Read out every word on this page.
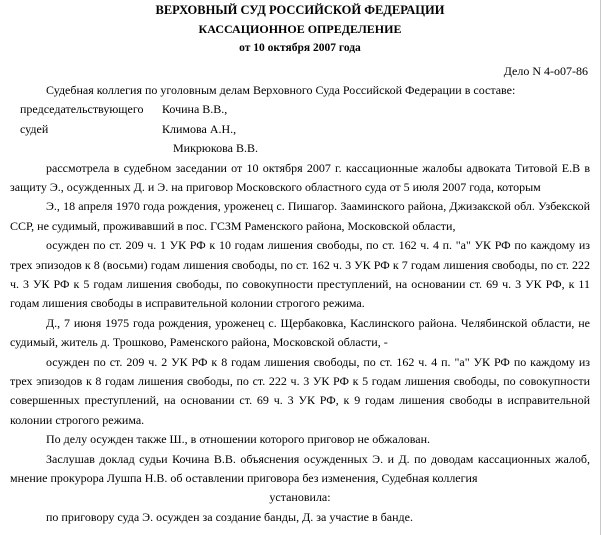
ВЕРХОВНЫЙ СУД РОССИЙСКОЙ ФЕДЕРАЦИИ
КАССАЦИОННОЕ ОПРЕДЕЛЕНИЕ
от 10 октября 2007 года
Дело N 4-о07-86
Судебная коллегия по уголовным делам Верховного Суда Российской Федерации в составе:
председательствующего Кочина В.В.,
судей	Климова А.Н.,
Микрюкова В.В.
рассмотрела в судебном заседании от 10 октября 2007 г. кассационные жалобы адвоката Титовой Е.В в защиту Э., осужденных Д. и Э. на приговор Московского областного суда от 5 июля 2007 года, которым
Э., 18 апреля 1970 года рождения, уроженец с. Пишагор. Зааминского района, Джизакской обл. Узбекской ССР, не судимый, проживавший в пос. ГСЗМ Раменского района, Московской области,
осужден по ст. 209 ч. 1 УК РФ к 10 годам лишения свободы, по ст. 162 ч. 4 п. "а" УК РФ по каждому из трех эпизодов к 8 (восьми) годам лишения свободы, по ст. 162 ч. 3 УК РФ к 7 годам лишения свободы, по ст. 222 ч. 3 УК РФ к 5 годам лишения свободы, по совокупности преступлений, на основании ст. 69 ч. 3 УК РФ, к 11 годам лишения свободы в исправительной колонии строгого режима.
Д., 7 июня 1975 года рождения, уроженец с. Щербаковка, Каслинского района. Челябинской области, не судимый, житель д. Трошково, Раменского района, Московской области, -
осужден по ст. 209 ч. 2 УК РФ к 8 годам лишения свободы, по ст. 162 ч. 4 п. "а" УК РФ по каждому из трех эпизодов к 8 годам лишения свободы, по ст. 222 ч. 3 УК РФ к 5 годам лишения свободы, по совокупности совершенных преступлений, на основании ст. 69 ч. 3 УК РФ, к 9 годам лишения свободы в исправительной колонии строгого режима.
По делу осужден также Ш., в отношении которого приговор не обжалован.
Заслушав доклад судьи Кочина В.В. объяснения осужденных Э. и Д. по доводам кассационных жалоб, мнение прокурора Лушпа Н.В. об оставлении приговора без изменения, Судебная коллегия
установила:
по приговору суда Э. осужден за создание банды, Д. за участие в банде.
